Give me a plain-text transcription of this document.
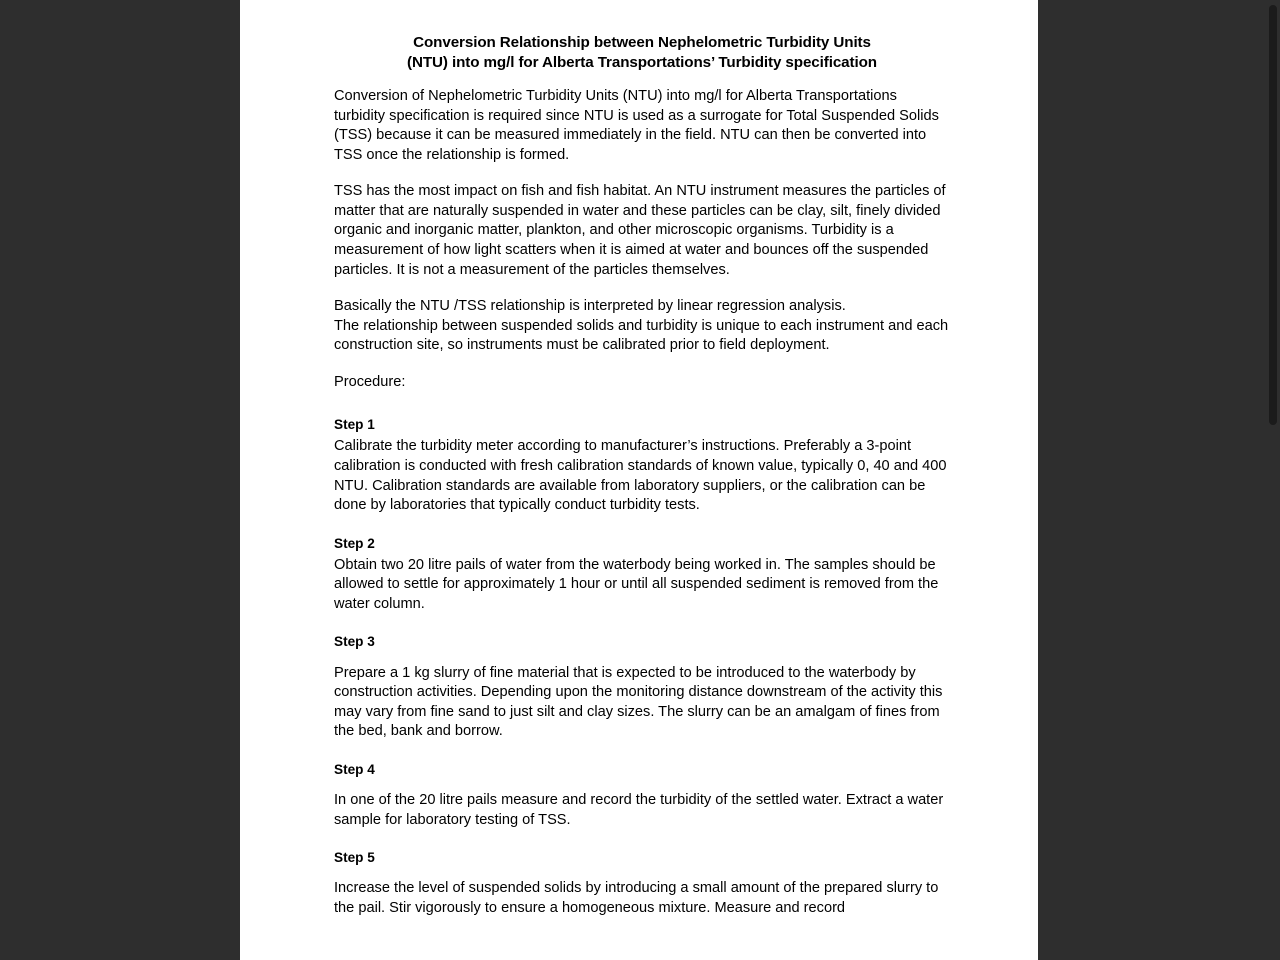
Conversion Relationship between Nephelometric Turbidity Units
(NTU) into mg/l for Alberta Transportations’ Turbidity specification

Conversion of Nephelometric Turbidity Units (NTU) into mg/l for Alberta Transportations turbidity specification is required since NTU is used as a surrogate for Total Suspended Solids (TSS) because it can be measured immediately in the field. NTU can then be converted into TSS once the relationship is formed.

TSS has the most impact on fish and fish habitat. An NTU instrument measures the particles of matter that are naturally suspended in water and these particles can be clay, silt, finely divided organic and inorganic matter, plankton, and other microscopic organisms. Turbidity is a measurement of how light scatters when it is aimed at water and bounces off the suspended particles. It is not a measurement of the particles themselves.

Basically the NTU /TSS relationship is interpreted by linear regression analysis.
The relationship between suspended solids and turbidity is unique to each instrument and each construction site, so instruments must be calibrated prior to field deployment.

Procedure:

Step 1
Calibrate the turbidity meter according to manufacturer’s instructions. Preferably a 3-point calibration is conducted with fresh calibration standards of known value, typically 0, 40 and 400 NTU. Calibration standards are available from laboratory suppliers, or the calibration can be done by laboratories that typically conduct turbidity tests.
Step 2
Obtain two 20 litre pails of water from the waterbody being worked in. The samples should be allowed to settle for approximately 1 hour or until all suspended sediment is removed from the water column.
Step 3
Prepare a 1 kg slurry of fine material that is expected to be introduced to the waterbody by construction activities. Depending upon the monitoring distance downstream of the activity this may vary from fine sand to just silt and clay sizes. The slurry can be an amalgam of fines from the bed, bank and borrow.
Step 4
In one of the 20 litre pails measure and record the turbidity of the settled water. Extract a water sample for laboratory testing of TSS.
Step 5
Increase the level of suspended solids by introducing a small amount of the prepared slurry to the pail. Stir vigorously to ensure a homogeneous mixture. Measure and record
